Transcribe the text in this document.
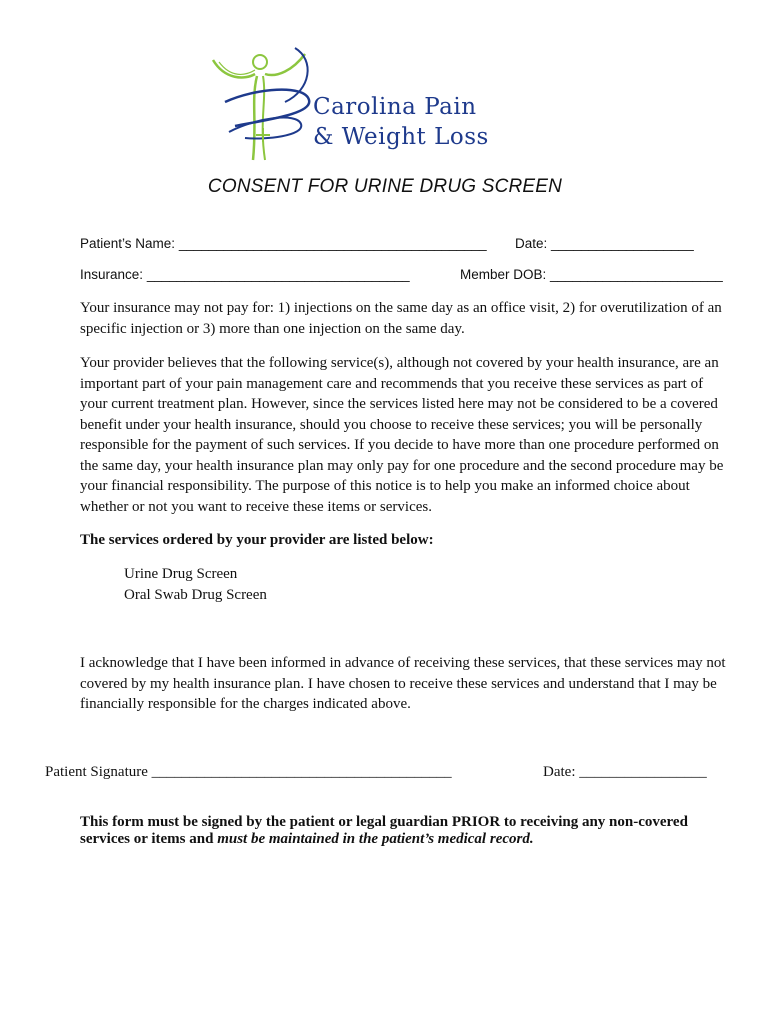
Carolina Pain
& Weight Loss
CONSENT FOR URINE DRUG SCREEN
Patient’s Name: _________________________________________ Date: ___________________
Insurance: ___________________________________	Member DOB: _______________________
Your insurance may not pay for: 1) injections on the same day as an office visit, 2) for overutilization of an specific injection or 3) more than one injection on the same day.
Your provider believes that the following service(s), although not covered by your health insurance, are an important part of your pain management care and recommends that you receive these services as part of your current treatment plan. However, since the services listed here may not be considered to be a covered benefit under your health insurance, should you choose to receive these services; you will be personally responsible for the payment of such services. If you decide to have more than one procedure performed on the same day, your health insurance plan may only pay for one procedure and the second procedure may be your financial responsibility. The purpose of this notice is to help you make an informed choice about whether or not you want to receive these items or services.
The services ordered by your provider are listed below:
Urine Drug Screen
Oral Swab Drug Screen
I acknowledge that I have been informed in advance of receiving these services, that these services may not covered by my health insurance plan. I have chosen to receive these services and understand that I may be financially responsible for the charges indicated above.
Patient Signature ________________________________________	Date: _________________
This form must be signed by the patient or legal guardian PRIOR to receiving any non-covered services or items and must be maintained in the patient’s medical record.
